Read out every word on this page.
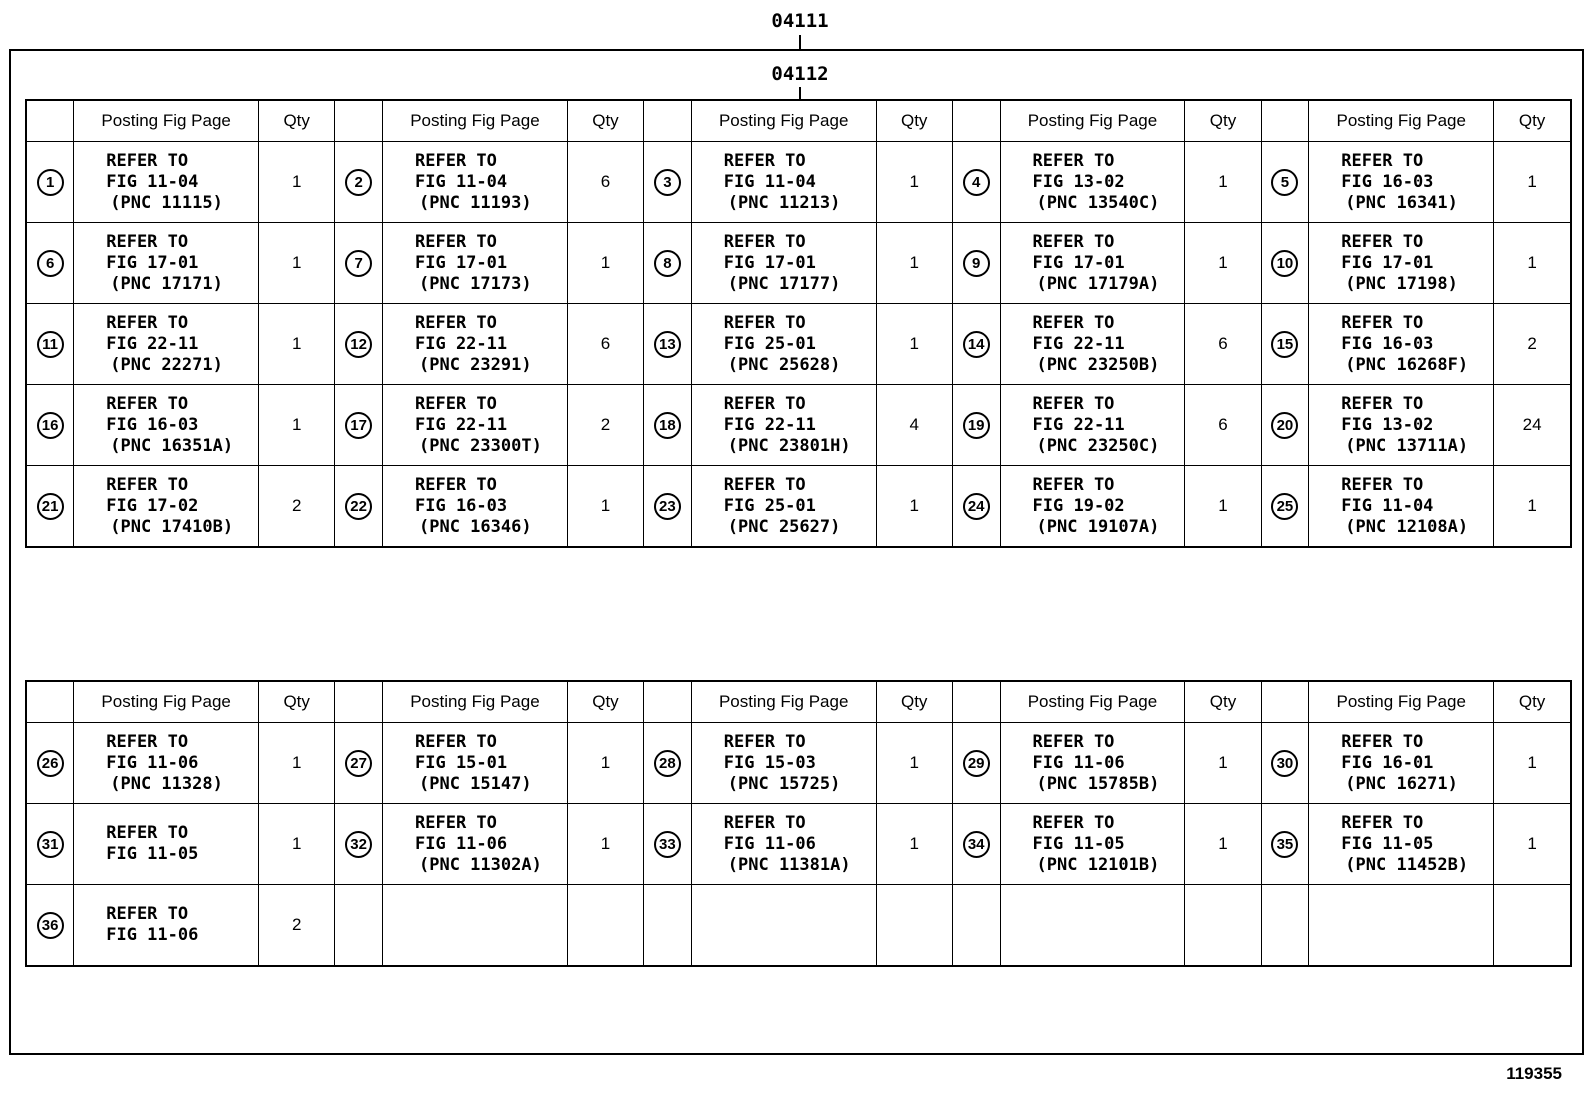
04111
04112
	Posting Fig Page	Qty		Posting Fig Page	Qty		Posting Fig Page	Qty		Posting Fig Page	Qty		Posting Fig Page	Qty
1	REFER TO
FIG 11-04
(PNC 11115)	1	2	REFER TO
FIG 11-04
(PNC 11193)	6	3	REFER TO
FIG 11-04
(PNC 11213)	1	4	REFER TO
FIG 13-02
(PNC 13540C)	1	5	REFER TO
FIG 16-03
(PNC 16341)	1
6	REFER TO
FIG 17-01
(PNC 17171)	1	7	REFER TO
FIG 17-01
(PNC 17173)	1	8	REFER TO
FIG 17-01
(PNC 17177)	1	9	REFER TO
FIG 17-01
(PNC 17179A)	1	10	REFER TO
FIG 17-01
(PNC 17198)	1
11	REFER TO
FIG 22-11
(PNC 22271)	1	12	REFER TO
FIG 22-11
(PNC 23291)	6	13	REFER TO
FIG 25-01
(PNC 25628)	1	14	REFER TO
FIG 22-11
(PNC 23250B)	6	15	REFER TO
FIG 16-03
(PNC 16268F)	2
16	REFER TO
FIG 16-03
(PNC 16351A)	1	17	REFER TO
FIG 22-11
(PNC 23300T)	2	18	REFER TO
FIG 22-11
(PNC 23801H)	4	19	REFER TO
FIG 22-11
(PNC 23250C)	6	20	REFER TO
FIG 13-02
(PNC 13711A)	24
21	REFER TO
FIG 17-02
(PNC 17410B)	2	22	REFER TO
FIG 16-03
(PNC 16346)	1	23	REFER TO
FIG 25-01
(PNC 25627)	1	24	REFER TO
FIG 19-02
(PNC 19107A)	1	25	REFER TO
FIG 11-04
(PNC 12108A)	1
	Posting Fig Page	Qty		Posting Fig Page	Qty		Posting Fig Page	Qty		Posting Fig Page	Qty		Posting Fig Page	Qty
26	REFER TO
FIG 11-06
(PNC 11328)	1	27	REFER TO
FIG 15-01
(PNC 15147)	1	28	REFER TO
FIG 15-03
(PNC 15725)	1	29	REFER TO
FIG 11-06
(PNC 15785B)	1	30	REFER TO
FIG 16-01
(PNC 16271)	1
31	REFER TO
FIG 11-05	1	32	REFER TO
FIG 11-06
(PNC 11302A)	1	33	REFER TO
FIG 11-06
(PNC 11381A)	1	34	REFER TO
FIG 11-05
(PNC 12101B)	1	35	REFER TO
FIG 11-05
(PNC 11452B)	1
36	REFER TO
FIG 11-06	2												
119355
